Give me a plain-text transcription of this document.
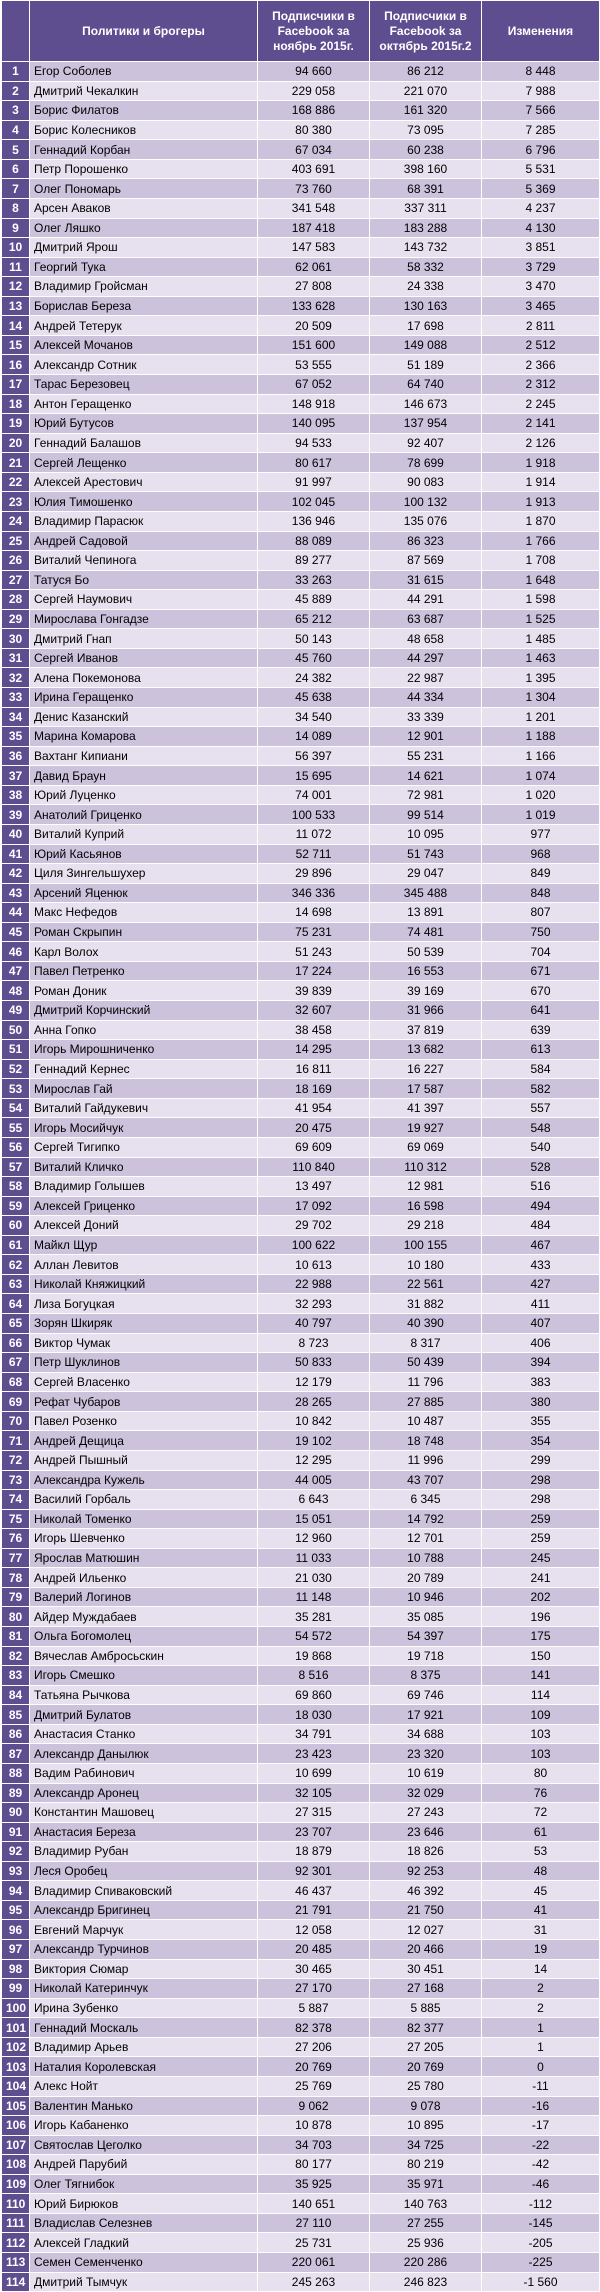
	Политики и брогеры	Подписчики в Facebook за ноябрь 2015г.	Подписчики в Facebook за октябрь 2015г.2	Изменения
1	Егор Соболев	94 660	86 212	8 448
2	Дмитрий Чекалкин	229 058	221 070	7 988
3	Борис Филатов	168 886	161 320	7 566
4	Борис Колесников	80 380	73 095	7 285
5	Геннадий Корбан	67 034	60 238	6 796
6	Петр Порошенко	403 691	398 160	5 531
7	Олег Пономарь	73 760	68 391	5 369
8	Арсен Аваков	341 548	337 311	4 237
9	Олег Ляшко	187 418	183 288	4 130
10	Дмитрий Ярош	147 583	143 732	3 851
11	Георгий Тука	62 061	58 332	3 729
12	Владимир Гройсман	27 808	24 338	3 470
13	Борислав Береза	133 628	130 163	3 465
14	Андрей Тетерук	20 509	17 698	2 811
15	Алексей Мочанов	151 600	149 088	2 512
16	Александр Сотник	53 555	51 189	2 366
17	Тарас Березовец	67 052	64 740	2 312
18	Антон Геращенко	148 918	146 673	2 245
19	Юрий Бутусов	140 095	137 954	2 141
20	Геннадий Балашов	94 533	92 407	2 126
21	Сергей Лещенко	80 617	78 699	1 918
22	Алексей Арестович	91 997	90 083	1 914
23	Юлия Тимошенко	102 045	100 132	1 913
24	Владимир Парасюк	136 946	135 076	1 870
25	Андрей Садовой	88 089	86 323	1 766
26	Виталий Чепинога	89 277	87 569	1 708
27	Татуся Бо	33 263	31 615	1 648
28	Сергей Наумович	45 889	44 291	1 598
29	Мирослава Гонгадзе	65 212	63 687	1 525
30	Дмитрий Гнап	50 143	48 658	1 485
31	Сергей Иванов	45 760	44 297	1 463
32	Алена Покемонова	24 382	22 987	1 395
33	Ирина Геращенко	45 638	44 334	1 304
34	Денис Казанский	34 540	33 339	1 201
35	Марина Комарова	14 089	12 901	1 188
36	Вахтанг Кипиани	56 397	55 231	1 166
37	Давид Браун	15 695	14 621	1 074
38	Юрий Луценко	74 001	72 981	1 020
39	Анатолий Гриценко	100 533	99 514	1 019
40	Виталий Куприй	11 072	10 095	977
41	Юрий Касьянов	52 711	51 743	968
42	Циля Зингельшухер	29 896	29 047	849
43	Арсений Яценюк	346 336	345 488	848
44	Макс Нефедов	14 698	13 891	807
45	Роман Скрыпин	75 231	74 481	750
46	Карл Волох	51 243	50 539	704
47	Павел Петренко	17 224	16 553	671
48	Роман Доник	39 839	39 169	670
49	Дмитрий Корчинский	32 607	31 966	641
50	Анна Гопко	38 458	37 819	639
51	Игорь Мирошниченко	14 295	13 682	613
52	Геннадий Кернес	16 811	16 227	584
53	Мирослав Гай	18 169	17 587	582
54	Виталий Гайдукевич	41 954	41 397	557
55	Игорь Мосийчук	20 475	19 927	548
56	Сергей Тигипко	69 609	69 069	540
57	Виталий Кличко	110 840	110 312	528
58	Владимир Голышев	13 497	12 981	516
59	Алексей Гриценко	17 092	16 598	494
60	Алексей Доний	29 702	29 218	484
61	Майкл Щур	100 622	100 155	467
62	Аллан Левитов	10 613	10 180	433
63	Николай Княжицкий	22 988	22 561	427
64	Лиза Богуцкая	32 293	31 882	411
65	Зорян Шкиряк	40 797	40 390	407
66	Виктор Чумак	8 723	8 317	406
67	Петр Шуклинов	50 833	50 439	394
68	Сергей Власенко	12 179	11 796	383
69	Рефат Чубаров	28 265	27 885	380
70	Павел Розенко	10 842	10 487	355
71	Андрей Дещица	19 102	18 748	354
72	Андрей Пышный	12 295	11 996	299
73	Александра Кужель	44 005	43 707	298
74	Василий Горбаль	6 643	6 345	298
75	Николай Томенко	15 051	14 792	259
76	Игорь Шевченко	12 960	12 701	259
77	Ярослав Матюшин	11 033	10 788	245
78	Андрей Ильенко	21 030	20 789	241
79	Валерий Логинов	11 148	10 946	202
80	Айдер Муждабаев	35 281	35 085	196
81	Ольга Богомолец	54 572	54 397	175
82	Вячеслав Амбросьскин	19 868	19 718	150
83	Игорь Смешко	8 516	8 375	141
84	Татьяна Рычкова	69 860	69 746	114
85	Дмитрий Булатов	18 030	17 921	109
86	Анастасия Станко	34 791	34 688	103
87	Александр Данылюк	23 423	23 320	103
88	Вадим Рабинович	10 699	10 619	80
89	Александр Аронец	32 105	32 029	76
90	Константин Машовец	27 315	27 243	72
91	Анастасия Береза	23 707	23 646	61
92	Владимир Рубан	18 879	18 826	53
93	Леся Оробец	92 301	92 253	48
94	Владимир Спиваковский	46 437	46 392	45
95	Александр Бригинец	21 791	21 750	41
96	Евгений Марчук	12 058	12 027	31
97	Александр Турчинов	20 485	20 466	19
98	Виктория Сюмар	30 465	30 451	14
99	Николай Катеринчук	27 170	27 168	2
100	Ирина Зубенко	5 887	5 885	2
101	Геннадий Москаль	82 378	82 377	1
102	Владимир Арьев	27 206	27 205	1
103	Наталия Королевская	20 769	20 769	0
104	Алекс Нойт	25 769	25 780	-11
105	Валентин Манько	9 062	9 078	-16
106	Игорь Кабаненко	10 878	10 895	-17
107	Святослав Цеголко	34 703	34 725	-22
108	Андрей Парубий	80 177	80 219	-42
109	Олег Тягнибок	35 925	35 971	-46
110	Юрий Бирюков	140 651	140 763	-112
111	Владислав Селезнев	27 110	27 255	-145
112	Алексей Гладкий	25 731	25 936	-205
113	Семен Семенченко	220 061	220 286	-225
114	Дмитрий Тымчук	245 263	246 823	-1 560
